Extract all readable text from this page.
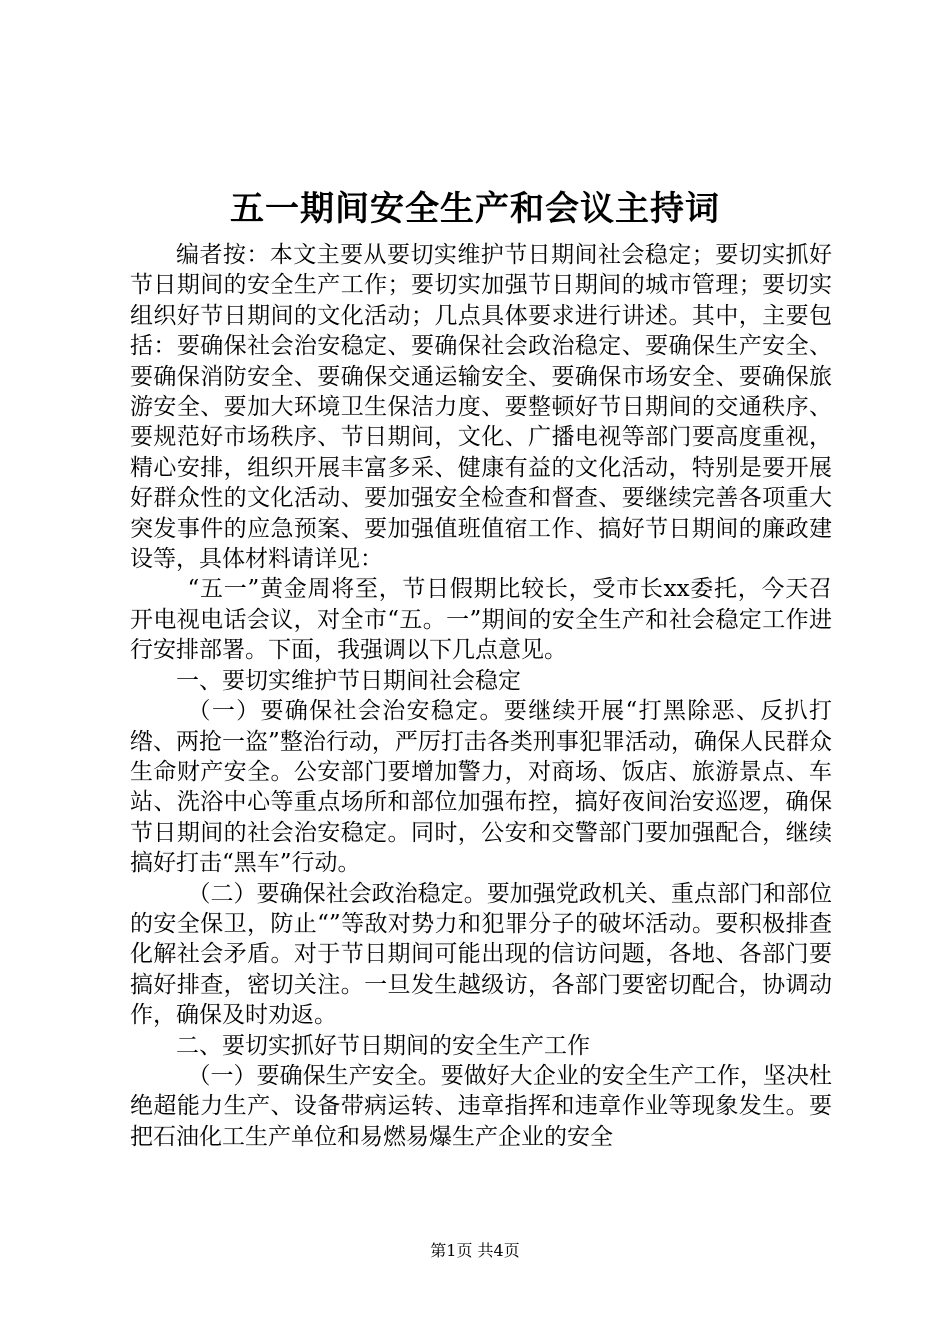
五一期间安全生产和会议主持词

编者按：本文主要从要切实维护节日期间社会稳定；要切实抓好节日期间的安全生产工作；要切实加强节日期间的城市管理；要切实组织好节日期间的文化活动；几点具体要求进行讲述。其中，主要包括：要确保社会治安稳定、要确保社会政治稳定、要确保生产安全、要确保消防安全、要确保交通运输安全、要确保市场安全、要确保旅游安全、要加大环境卫生保洁力度、要整顿好节日期间的交通秩序、要规范好市场秩序、节日期间，文化、广播电视等部门要高度重视，精心安排，组织开展丰富多采、健康有益的文化活动，特别是要开展好群众性的文化活动、要加强安全检查和督查、要继续完善各项重大突发事件的应急预案、要加强值班值宿工作、搞好节日期间的廉政建设等，具体材料请详见：

“五一”黄金周将至，节日假期比较长，受市长xx委托，今天召开电视电话会议，对全市“五。一”期间的安全生产和社会稳定工作进行安排部署。下面，我强调以下几点意见。

一、要切实维护节日期间社会稳定

（一）要确保社会治安稳定。要继续开展“打黑除恶、反扒打绺、两抢一盗”整治行动，严厉打击各类刑事犯罪活动，确保人民群众生命财产安全。公安部门要增加警力，对商场、饭店、旅游景点、车站、洗浴中心等重点场所和部位加强布控，搞好夜间治安巡逻，确保节日期间的社会治安稳定。同时，公安和交警部门要加强配合，继续搞好打击“黑车”行动。

（二）要确保社会政治稳定。要加强党政机关、重点部门和部位的安全保卫，防止“”等敌对势力和犯罪分子的破坏活动。要积极排查化解社会矛盾。对于节日期间可能出现的信访问题，各地、各部门要搞好排查，密切关注。一旦发生越级访，各部门要密切配合，协调动作，确保及时劝返。

二、要切实抓好节日期间的安全生产工作

（一）要确保生产安全。要做好大企业的安全生产工作，坚决杜绝超能力生产、设备带病运转、违章指挥和违章作业等现象发生。要把石油化工生产单位和易燃易爆生产企业的安全

第1页 共4页
